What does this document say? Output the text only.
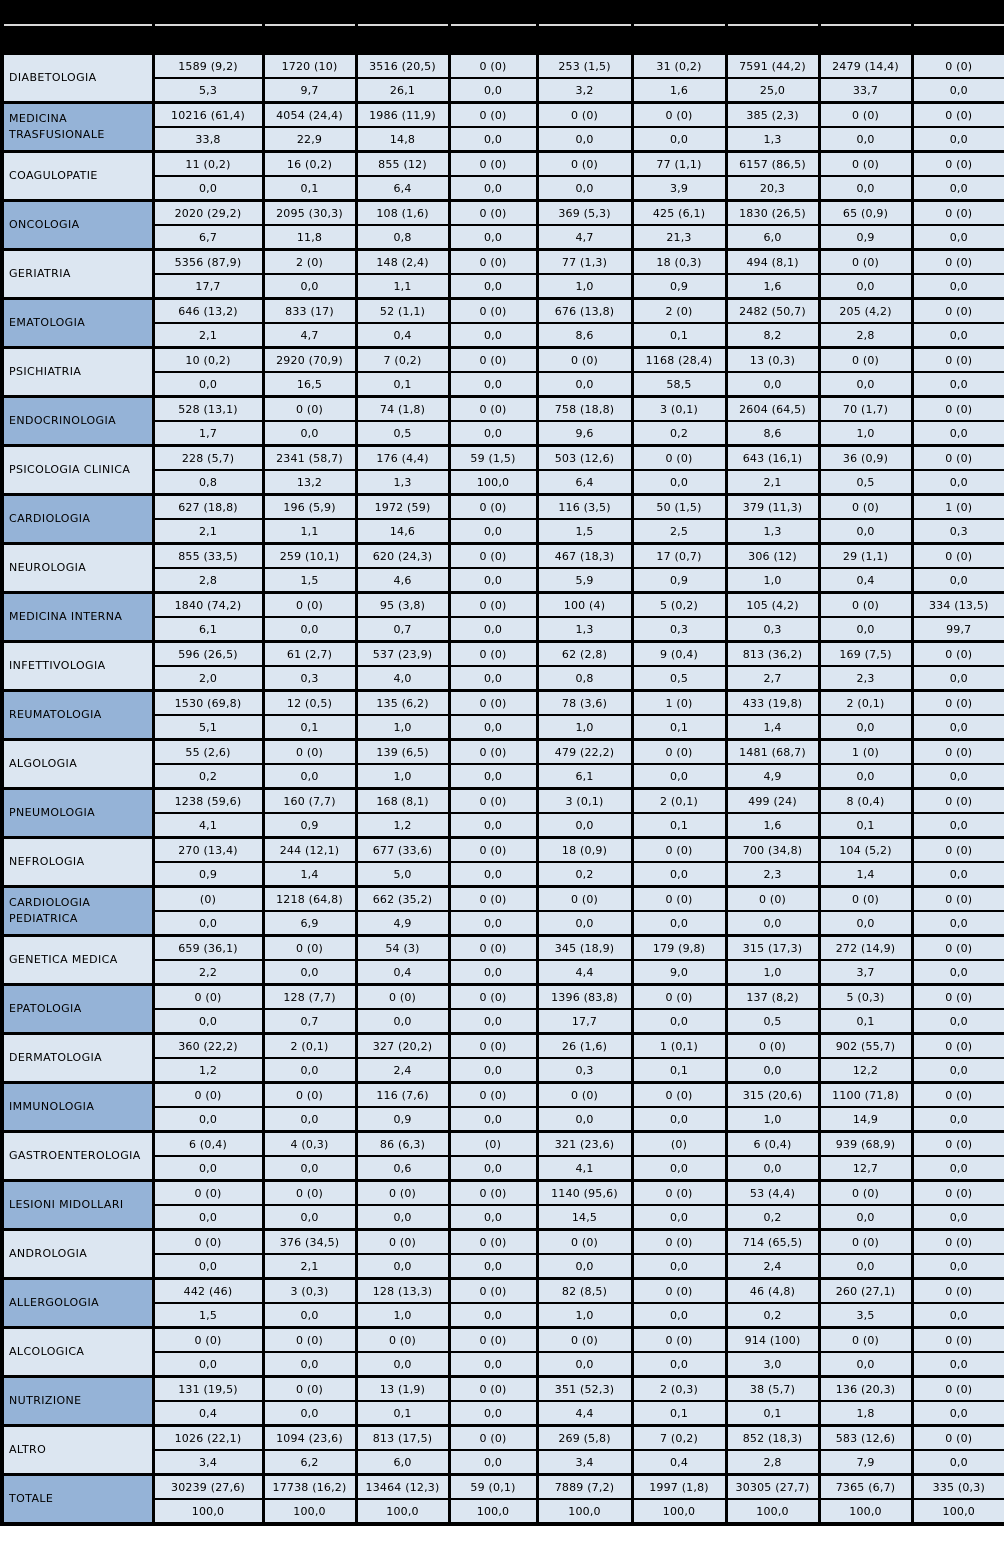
DIABETOLOGIA	1589 (9,2)	1720 (10)	3516 (20,5)	0 (0)	253 (1,5)	31 (0,2)	7591 (44,2)	2479 (14,4)	0 (0)
	5,3	9,7	26,1	0,0	3,2	1,6	25,0	33,7	0,0
MEDICINA TRASFUSIONALE	10216 (61,4)	4054 (24,4)	1986 (11,9)	0 (0)	0 (0)	0 (0)	385 (2,3)	0 (0)	0 (0)
	33,8	22,9	14,8	0,0	0,0	0,0	1,3	0,0	0,0
COAGULOPATIE	11 (0,2)	16 (0,2)	855 (12)	0 (0)	0 (0)	77 (1,1)	6157 (86,5)	0 (0)	0 (0)
	0,0	0,1	6,4	0,0	0,0	3,9	20,3	0,0	0,0
ONCOLOGIA	2020 (29,2)	2095 (30,3)	108 (1,6)	0 (0)	369 (5,3)	425 (6,1)	1830 (26,5)	65 (0,9)	0 (0)
	6,7	11,8	0,8	0,0	4,7	21,3	6,0	0,9	0,0
GERIATRIA	5356 (87,9)	2 (0)	148 (2,4)	0 (0)	77 (1,3)	18 (0,3)	494 (8,1)	0 (0)	0 (0)
	17,7	0,0	1,1	0,0	1,0	0,9	1,6	0,0	0,0
EMATOLOGIA	646 (13,2)	833 (17)	52 (1,1)	0 (0)	676 (13,8)	2 (0)	2482 (50,7)	205 (4,2)	0 (0)
	2,1	4,7	0,4	0,0	8,6	0,1	8,2	2,8	0,0
PSICHIATRIA	10 (0,2)	2920 (70,9)	7 (0,2)	0 (0)	0 (0)	1168 (28,4)	13 (0,3)	0 (0)	0 (0)
	0,0	16,5	0,1	0,0	0,0	58,5	0,0	0,0	0,0
ENDOCRINOLOGIA	528 (13,1)	0 (0)	74 (1,8)	0 (0)	758 (18,8)	3 (0,1)	2604 (64,5)	70 (1,7)	0 (0)
	1,7	0,0	0,5	0,0	9,6	0,2	8,6	1,0	0,0
PSICOLOGIA CLINICA	228 (5,7)	2341 (58,7)	176 (4,4)	59 (1,5)	503 (12,6)	0 (0)	643 (16,1)	36 (0,9)	0 (0)
	0,8	13,2	1,3	100,0	6,4	0,0	2,1	0,5	0,0
CARDIOLOGIA	627 (18,8)	196 (5,9)	1972 (59)	0 (0)	116 (3,5)	50 (1,5)	379 (11,3)	0 (0)	1 (0)
	2,1	1,1	14,6	0,0	1,5	2,5	1,3	0,0	0,3
NEUROLOGIA	855 (33,5)	259 (10,1)	620 (24,3)	0 (0)	467 (18,3)	17 (0,7)	306 (12)	29 (1,1)	0 (0)
	2,8	1,5	4,6	0,0	5,9	0,9	1,0	0,4	0,0
MEDICINA INTERNA	1840 (74,2)	0 (0)	95 (3,8)	0 (0)	100 (4)	5 (0,2)	105 (4,2)	0 (0)	334 (13,5)
	6,1	0,0	0,7	0,0	1,3	0,3	0,3	0,0	99,7
INFETTIVOLOGIA	596 (26,5)	61 (2,7)	537 (23,9)	0 (0)	62 (2,8)	9 (0,4)	813 (36,2)	169 (7,5)	0 (0)
	2,0	0,3	4,0	0,0	0,8	0,5	2,7	2,3	0,0
REUMATOLOGIA	1530 (69,8)	12 (0,5)	135 (6,2)	0 (0)	78 (3,6)	1 (0)	433 (19,8)	2 (0,1)	0 (0)
	5,1	0,1	1,0	0,0	1,0	0,1	1,4	0,0	0,0
ALGOLOGIA	55 (2,6)	0 (0)	139 (6,5)	0 (0)	479 (22,2)	0 (0)	1481 (68,7)	1 (0)	0 (0)
	0,2	0,0	1,0	0,0	6,1	0,0	4,9	0,0	0,0
PNEUMOLOGIA	1238 (59,6)	160 (7,7)	168 (8,1)	0 (0)	3 (0,1)	2 (0,1)	499 (24)	8 (0,4)	0 (0)
	4,1	0,9	1,2	0,0	0,0	0,1	1,6	0,1	0,0
NEFROLOGIA	270 (13,4)	244 (12,1)	677 (33,6)	0 (0)	18 (0,9)	0 (0)	700 (34,8)	104 (5,2)	0 (0)
	0,9	1,4	5,0	0,0	0,2	0,0	2,3	1,4	0,0
CARDIOLOGIA PEDIATRICA	(0)	1218 (64,8)	662 (35,2)	0 (0)	0 (0)	0 (0)	0 (0)	0 (0)	0 (0)
	0,0	6,9	4,9	0,0	0,0	0,0	0,0	0,0	0,0
GENETICA MEDICA	659 (36,1)	0 (0)	54 (3)	0 (0)	345 (18,9)	179 (9,8)	315 (17,3)	272 (14,9)	0 (0)
	2,2	0,0	0,4	0,0	4,4	9,0	1,0	3,7	0,0
EPATOLOGIA	0 (0)	128 (7,7)	0 (0)	0 (0)	1396 (83,8)	0 (0)	137 (8,2)	5 (0,3)	0 (0)
	0,0	0,7	0,0	0,0	17,7	0,0	0,5	0,1	0,0
DERMATOLOGIA	360 (22,2)	2 (0,1)	327 (20,2)	0 (0)	26 (1,6)	1 (0,1)	0 (0)	902 (55,7)	0 (0)
	1,2	0,0	2,4	0,0	0,3	0,1	0,0	12,2	0,0
IMMUNOLOGIA	0 (0)	0 (0)	116 (7,6)	0 (0)	0 (0)	0 (0)	315 (20,6)	1100 (71,8)	0 (0)
	0,0	0,0	0,9	0,0	0,0	0,0	1,0	14,9	0,0
GASTROENTEROLOGIA	6 (0,4)	4 (0,3)	86 (6,3)	(0)	321 (23,6)	(0)	6 (0,4)	939 (68,9)	0 (0)
	0,0	0,0	0,6	0,0	4,1	0,0	0,0	12,7	0,0
LESIONI MIDOLLARI	0 (0)	0 (0)	0 (0)	0 (0)	1140 (95,6)	0 (0)	53 (4,4)	0 (0)	0 (0)
	0,0	0,0	0,0	0,0	14,5	0,0	0,2	0,0	0,0
ANDROLOGIA	0 (0)	376 (34,5)	0 (0)	0 (0)	0 (0)	0 (0)	714 (65,5)	0 (0)	0 (0)
	0,0	2,1	0,0	0,0	0,0	0,0	2,4	0,0	0,0
ALLERGOLOGIA	442 (46)	3 (0,3)	128 (13,3)	0 (0)	82 (8,5)	0 (0)	46 (4,8)	260 (27,1)	0 (0)
	1,5	0,0	1,0	0,0	1,0	0,0	0,2	3,5	0,0
ALCOLOGICA	0 (0)	0 (0)	0 (0)	0 (0)	0 (0)	0 (0)	914 (100)	0 (0)	0 (0)
	0,0	0,0	0,0	0,0	0,0	0,0	3,0	0,0	0,0
NUTRIZIONE	131 (19,5)	0 (0)	13 (1,9)	0 (0)	351 (52,3)	2 (0,3)	38 (5,7)	136 (20,3)	0 (0)
	0,4	0,0	0,1	0,0	4,4	0,1	0,1	1,8	0,0
ALTRO	1026 (22,1)	1094 (23,6)	813 (17,5)	0 (0)	269 (5,8)	7 (0,2)	852 (18,3)	583 (12,6)	0 (0)
	3,4	6,2	6,0	0,0	3,4	0,4	2,8	7,9	0,0
TOTALE	30239 (27,6)	17738 (16,2)	13464 (12,3)	59 (0,1)	7889 (7,2)	1997 (1,8)	30305 (27,7)	7365 (6,7)	335 (0,3)
	100,0	100,0	100,0	100,0	100,0	100,0	100,0	100,0	100,0
